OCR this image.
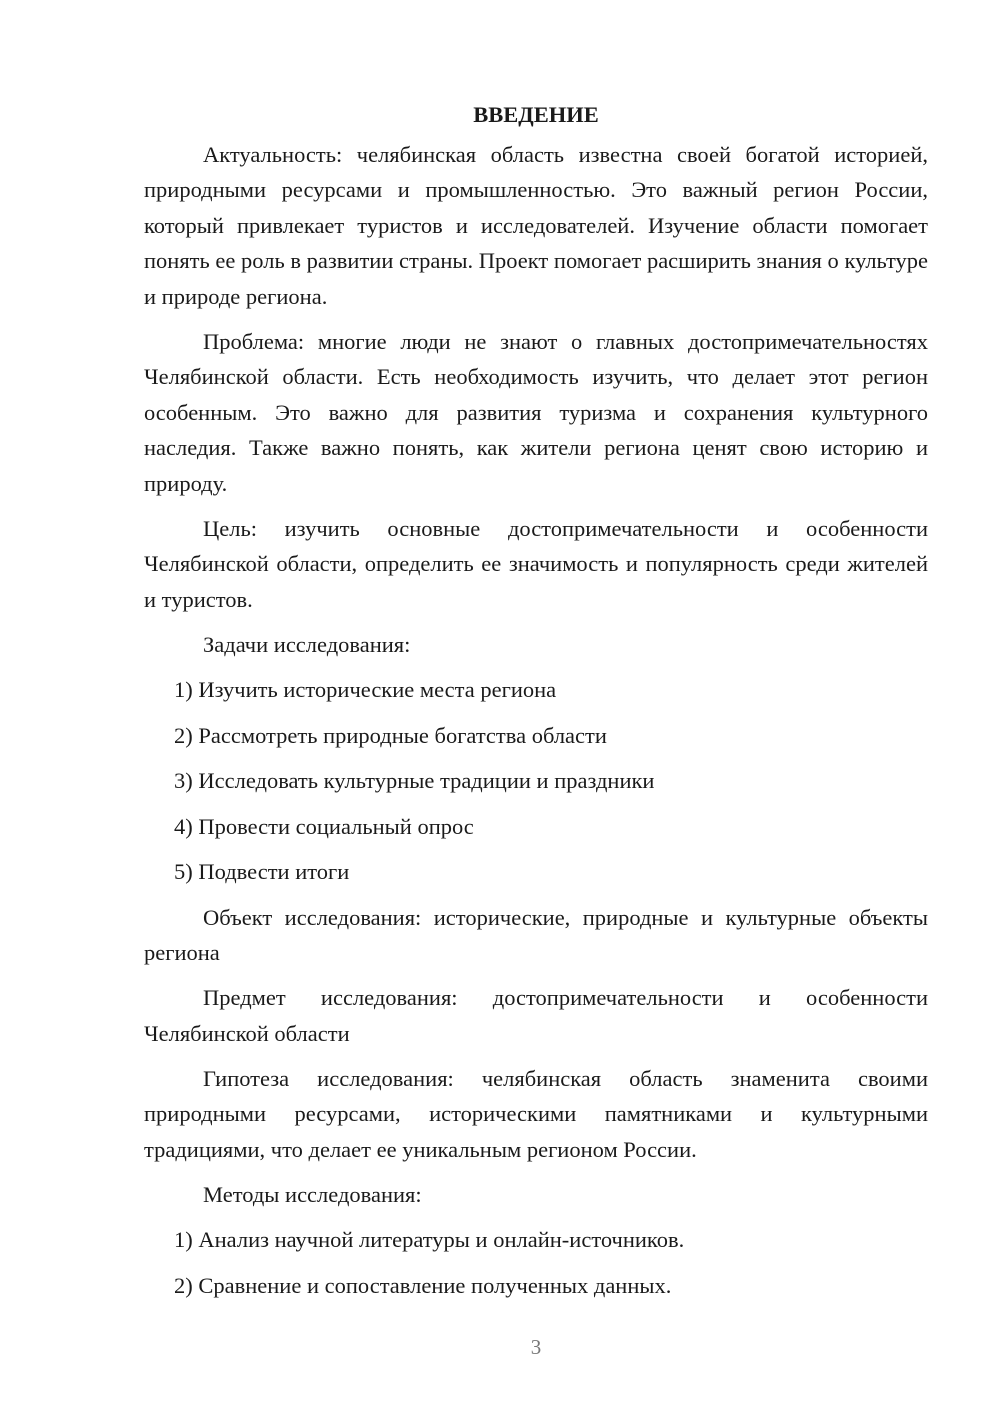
ВВЕДЕНИЕ

Актуальность: челябинская область известна своей богатой историей, природными ресурсами и промышленностью. Это важный регион России, который привлекает туристов и исследователей. Изучение области помогает понять ее роль в развитии страны. Проект помогает расширить знания о культуре и природе региона.

Проблема: многие люди не знают о главных достопримечательностях Челябинской области. Есть необходимость изучить, что делает этот регион особенным. Это важно для развития туризма и сохранения культурного наследия. Также важно понять, как жители региона ценят свою историю и природу.

Цель: изучить основные достопримечательности и особенности Челябинской области, определить ее значимость и популярность среди жителей и туристов.

Задачи исследования:

1) Изучить исторические места региона

2) Рассмотреть природные богатства области

3) Исследовать культурные традиции и праздники

4) Провести социальный опрос

5) Подвести итоги

Объект исследования: исторические, природные и культурные объекты региона

Предмет исследования: достопримечательности и особенности Челябинской области

Гипотеза исследования: челябинская область знаменита своими природными ресурсами, историческими памятниками и культурными традициями, что делает ее уникальным регионом России.

Методы исследования:

1) Анализ научной литературы и онлайн-источников.

2) Сравнение и сопоставление полученных данных.

3
